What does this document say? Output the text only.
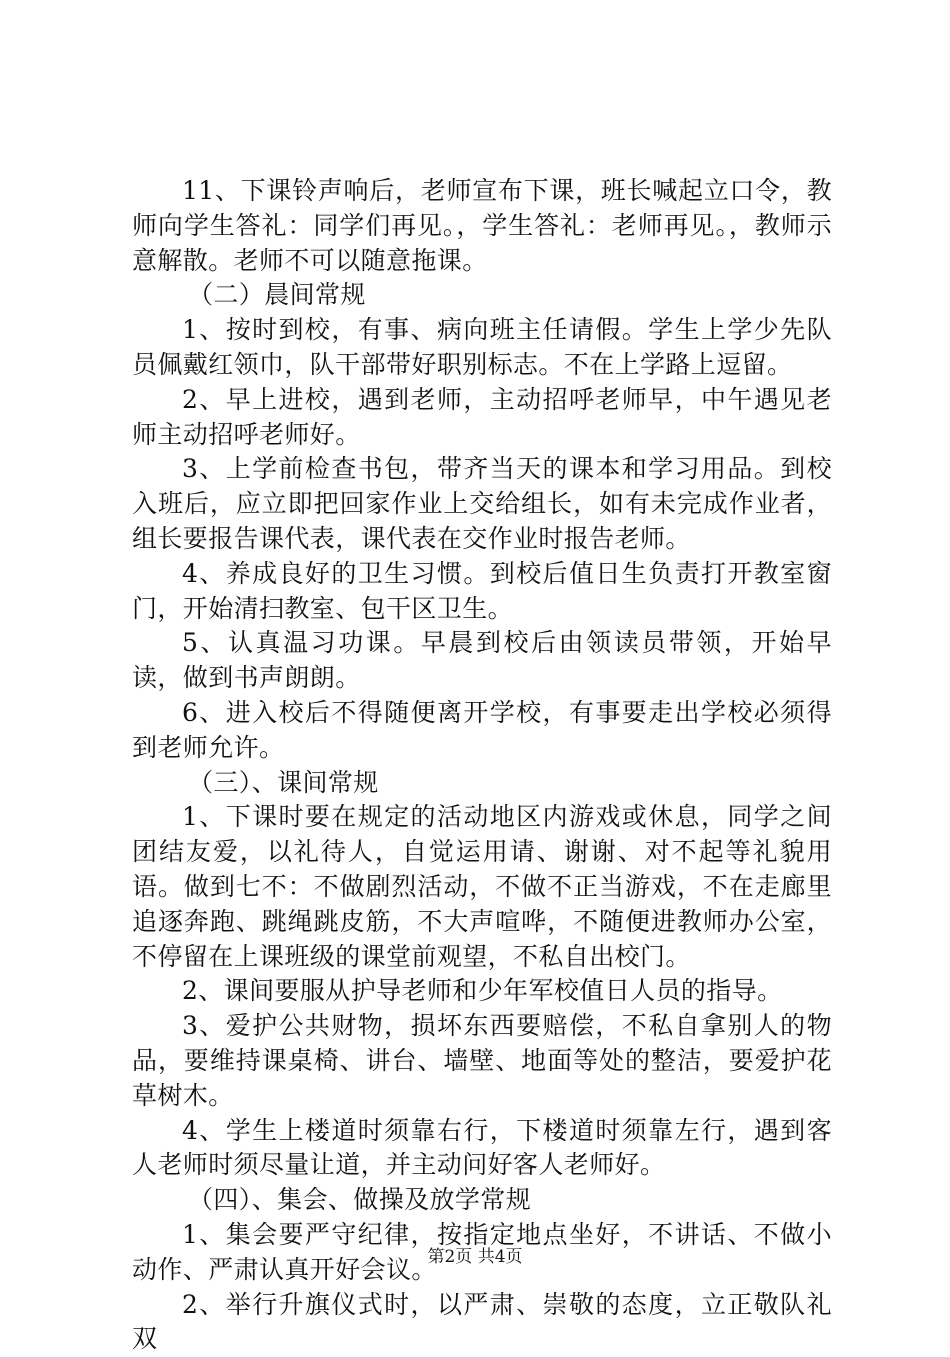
11、下课铃声响后，老师宣布下课，班长喊起立口令，教师向学生答礼：同学们再见。，学生答礼：老师再见。，教师示意解散。老师不可以随意拖课。

（二）晨间常规

1、按时到校，有事、病向班主任请假。学生上学少先队员佩戴红领巾，队干部带好职别标志。不在上学路上逗留。

2、早上进校，遇到老师，主动招呼老师早，中午遇见老师主动招呼老师好。

3、上学前检查书包，带齐当天的课本和学习用品。到校入班后，应立即把回家作业上交给组长，如有未完成作业者，组长要报告课代表，课代表在交作业时报告老师。

4、养成良好的卫生习惯。到校后值日生负责打开教室窗门，开始清扫教室、包干区卫生。

5、认真温习功课。早晨到校后由领读员带领，开始早读，做到书声朗朗。

6、进入校后不得随便离开学校，有事要走出学校必须得到老师允许。

（三）、课间常规

1、下课时要在规定的活动地区内游戏或休息，同学之间团结友爱，以礼待人，自觉运用请、谢谢、对不起等礼貌用语。做到七不：不做剧烈活动，不做不正当游戏，不在走廊里追逐奔跑、跳绳跳皮筋，不大声喧哗，不随便进教师办公室，不停留在上课班级的课堂前观望，不私自出校门。

2、课间要服从护导老师和少年军校值日人员的指导。

3、爱护公共财物，损坏东西要赔偿，不私自拿别人的物品，要维持课桌椅、讲台、墙壁、地面等处的整洁，要爱护花草树木。

4、学生上楼道时须靠右行，下楼道时须靠左行，遇到客人老师时须尽量让道，并主动问好客人老师好。

（四）、集会、做操及放学常规

1、集会要严守纪律，按指定地点坐好，不讲话、不做小动作、严肃认真开好会议。

2、举行升旗仪式时，以严肃、崇敬的态度，立正敬队礼双

第2页 共4页
